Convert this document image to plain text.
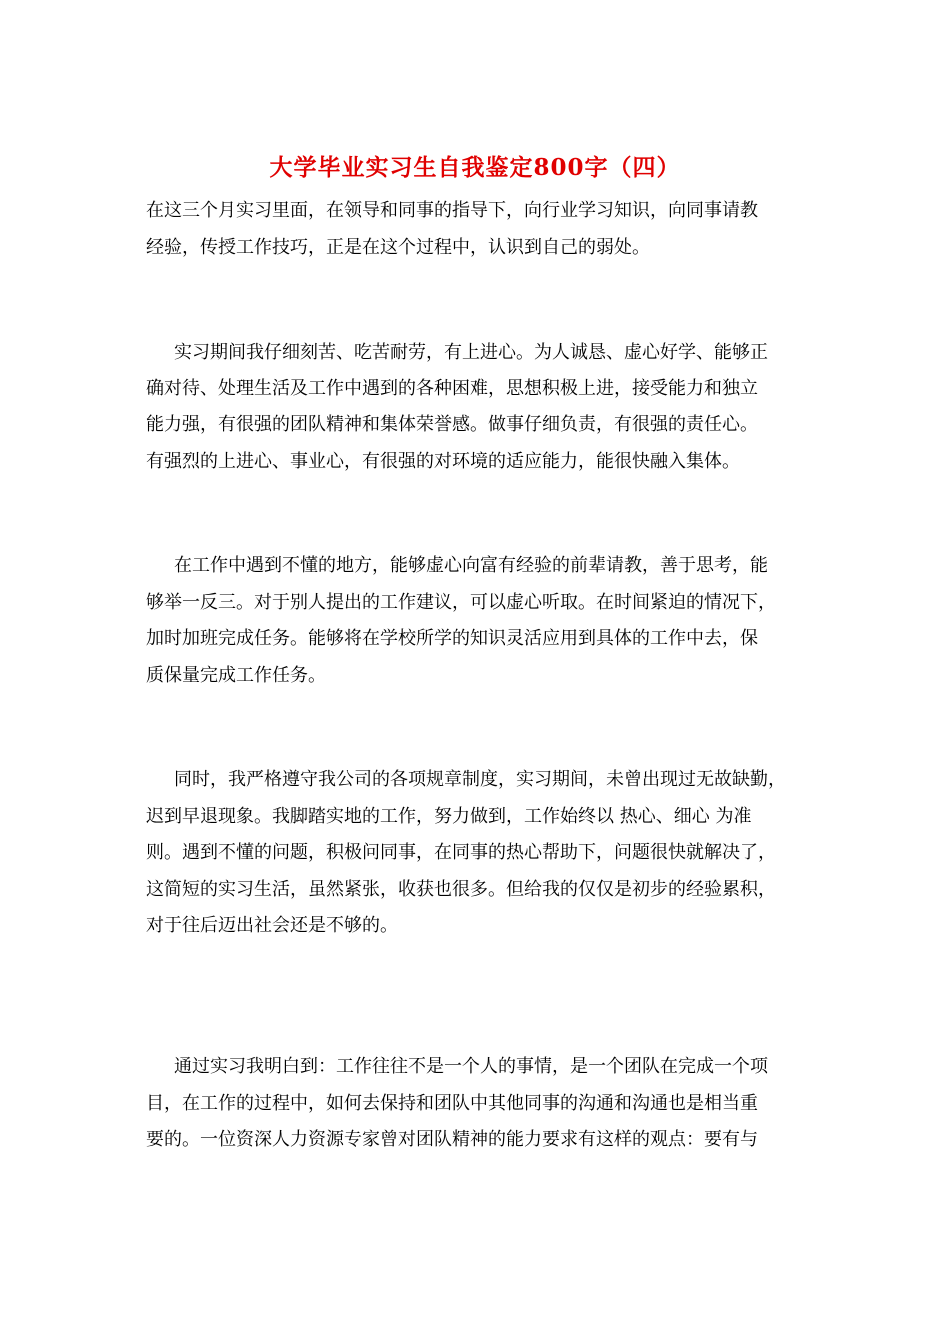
大学毕业实习生自我鉴定800字（四）
在这三个月实习里面，在领导和同事的指导下，向行业学习知识，向同事请教
经验，传授工作技巧，正是在这个过程中，认识到自己的弱处。
实习期间我仔细刻苦、吃苦耐劳，有上进心。为人诚恳、虚心好学、能够正
确对待、处理生活及工作中遇到的各种困难，思想积极上进，接受能力和独立
能力强，有很强的团队精神和集体荣誉感。做事仔细负责，有很强的责任心。
有强烈的上进心、事业心，有很强的对环境的适应能力，能很快融入集体。
在工作中遇到不懂的地方，能够虚心向富有经验的前辈请教，善于思考，能
够举一反三。对于别人提出的工作建议，可以虚心听取。在时间紧迫的情况下，
加时加班完成任务。能够将在学校所学的知识灵活应用到具体的工作中去，保
质保量完成工作任务。
同时，我严格遵守我公司的各项规章制度，实习期间，未曾出现过无故缺勤，
迟到早退现象。我脚踏实地的工作，努力做到，工作始终以 热心、细心 为准
则。遇到不懂的问题，积极问同事，在同事的热心帮助下，问题很快就解决了，
这简短的实习生活，虽然紧张，收获也很多。但给我的仅仅是初步的经验累积，
对于往后迈出社会还是不够的。
通过实习我明白到：工作往往不是一个人的事情，是一个团队在完成一个项
目，在工作的过程中，如何去保持和团队中其他同事的沟通和沟通也是相当重
要的。一位资深人力资源专家曾对团队精神的能力要求有这样的观点：要有与
